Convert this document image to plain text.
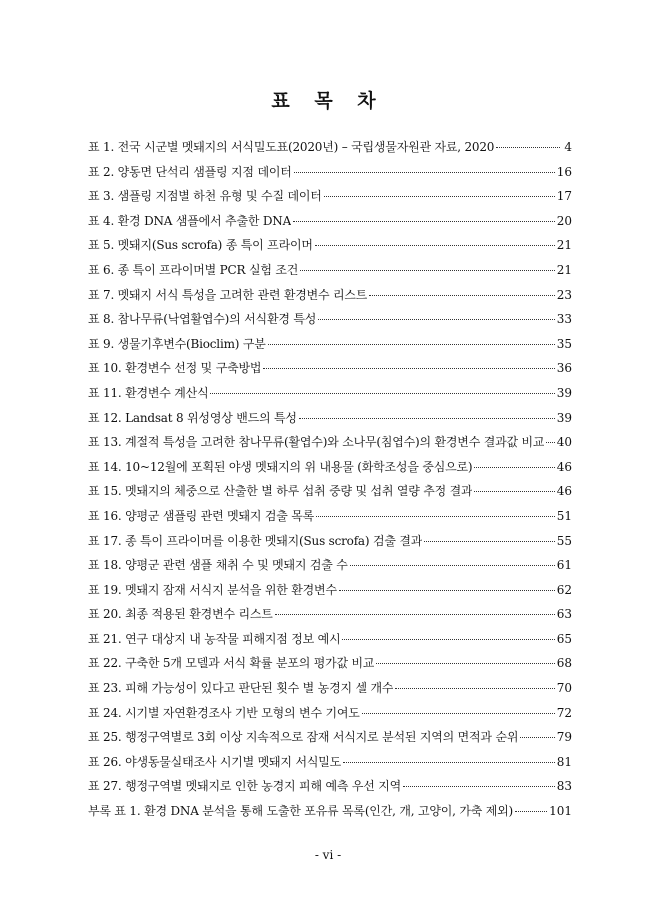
표 목 차
표 1. 전국 시군별 멧돼지의 서식밀도표(2020년) – 국립생물자원관 자료, 2020	4
표 2. 양동면 단석리 샘플링 지점 데이터	16
표 3. 샘플링 지점별 하천 유형 및 수질 데이터	17
표 4. 환경 DNA 샘플에서 추출한 DNA	20
표 5. 멧돼지(Sus scrofa) 종 특이 프라이머	21
표 6. 종 특이 프라이머별 PCR 실험 조건	21
표 7. 멧돼지 서식 특성을 고려한 관련 환경변수 리스트	23
표 8. 참나무류(낙엽활엽수)의 서식환경 특성	33
표 9. 생물기후변수(Bioclim) 구분	35
표 10. 환경변수 선정 및 구축방법	36
표 11. 환경변수 계산식	39
표 12. Landsat 8 위성영상 밴드의 특성	39
표 13. 계절적 특성을 고려한 참나무류(활엽수)와 소나무(침엽수)의 환경변수 결과값 비교 40
표 14. 10~12월에 포획된 야생 멧돼지의 위 내용물 (화학조성을 중심으로)	46
표 15. 멧돼지의 체중으로 산출한 별 하루 섭취 중량 및 섭취 열량 추정 결과	46
표 16. 양평군 샘플링 관련 멧돼지 검출 목록	51
표 17. 종 특이 프라이머를 이용한 멧돼지(Sus scrofa) 검출 결과	55
표 18. 양평군 관련 샘플 채취 수 및 멧돼지 검출 수	61
표 19. 멧돼지 잠재 서식지 분석을 위한 환경변수	62
표 20. 최종 적용된 환경변수 리스트	63
표 21. 연구 대상지 내 농작물 피해지점 정보 예시	65
표 22. 구축한 5개 모델과 서식 확률 분포의 평가값 비교	68
표 23. 피해 가능성이 있다고 판단된 횟수 별 농경지 셀 개수	70
표 24. 시기별 자연환경조사 기반 모형의 변수 기여도	72
표 25. 행정구역별로 3회 이상 지속적으로 잠재 서식지로 분석된 지역의 면적과 순위	79
표 26. 야생동물실태조사 시기별 멧돼지 서식밀도	81
표 27. 행정구역별 멧돼지로 인한 농경지 피해 예측 우선 지역	83
부록 표 1. 환경 DNA 분석을 통해 도출한 포유류 목록(인간, 개, 고양이, 가축 제외)	101
- vi -
